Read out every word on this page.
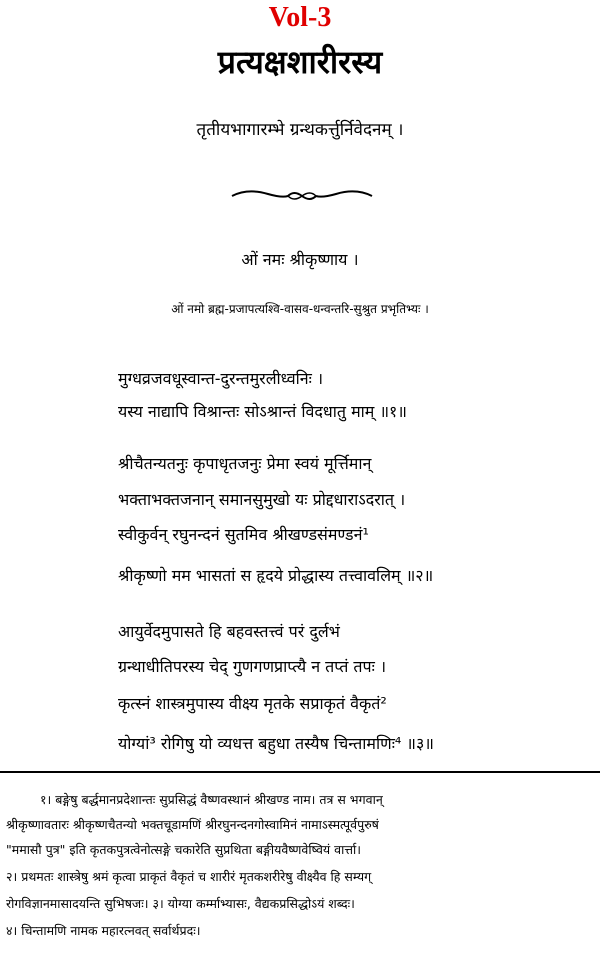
Vol-3
प्रत्यक्षशारीरस्य
तृतीयभागारम्भे ग्रन्थकर्त्तुर्निवेदनम् ।
ओं नमः श्रीकृष्णाय ।
ओं नमो ब्रह्म-प्रजापत्यश्वि-वासव-धन्वन्तरि-सुश्रुत प्रभृतिभ्यः ।
मुग्धव्रजवधूस्वान्त-दुरन्तमुरलीध्वनिः ।
यस्य नाद्यापि विश्रान्तः सोऽश्रान्तं विदधातु माम् ॥१॥
श्रीचैतन्यतनुः कृपाधृतजनुः प्रेमा स्वयं मूर्त्तिमान्
भक्ताभक्तजनान् समानसुमुखो यः प्रोद्दधाराऽदरात् ।
स्वीकुर्वन् रघुनन्दनं सुतमिव श्रीखण्डसंमण्डनं¹
श्रीकृष्णो मम भासतां स हृदये प्रोद्धास्य तत्त्वावलिम् ॥२॥
आयुर्वेदमुपासते हि बहवस्तत्त्वं परं दुर्लभं
ग्रन्थाधीतिपरस्य चेद् गुणगणप्राप्त्यै न तप्तं तपः ।
कृत्स्नं शास्त्रमुपास्य वीक्ष्य मृतके सप्राकृतं वैकृतं²
योग्यां³ रोगिषु यो व्यधत्त बहुधा तस्यैष चिन्तामणिः⁴ ॥३॥
१। बङ्गेषु बर्द्धमानप्रदेशान्तः सुप्रसिद्धं वैष्णवस्थानं श्रीखण्ड नाम। तत्र स भगवान्
श्रीकृष्णावतारः श्रीकृष्णचैतन्यो भक्तचूडामणिं श्रीरघुनन्दनगोस्वामिनं नामाऽस्मत्पूर्वपुरुषं
"ममासौ पुत्र" इति कृतकपुत्रत्वेनोत्सङ्गे चकारेति सुप्रथिता बङ्गीयवैष्णवेष्वियं वार्त्ता।
२। प्रथमतः शास्त्रेषु श्रमं कृत्वा प्राकृतं वैकृतं च शारीरं मृतकशरीरेषु वीक्ष्यैव हि सम्यग्
रोगविज्ञानमासादयन्ति सुभिषजः। ३। योग्या कर्म्माभ्यासः, वैद्यकप्रसिद्धोऽयं शब्दः।
४। चिन्तामणि नामक महारत्नवत् सर्वार्थप्रदः।
